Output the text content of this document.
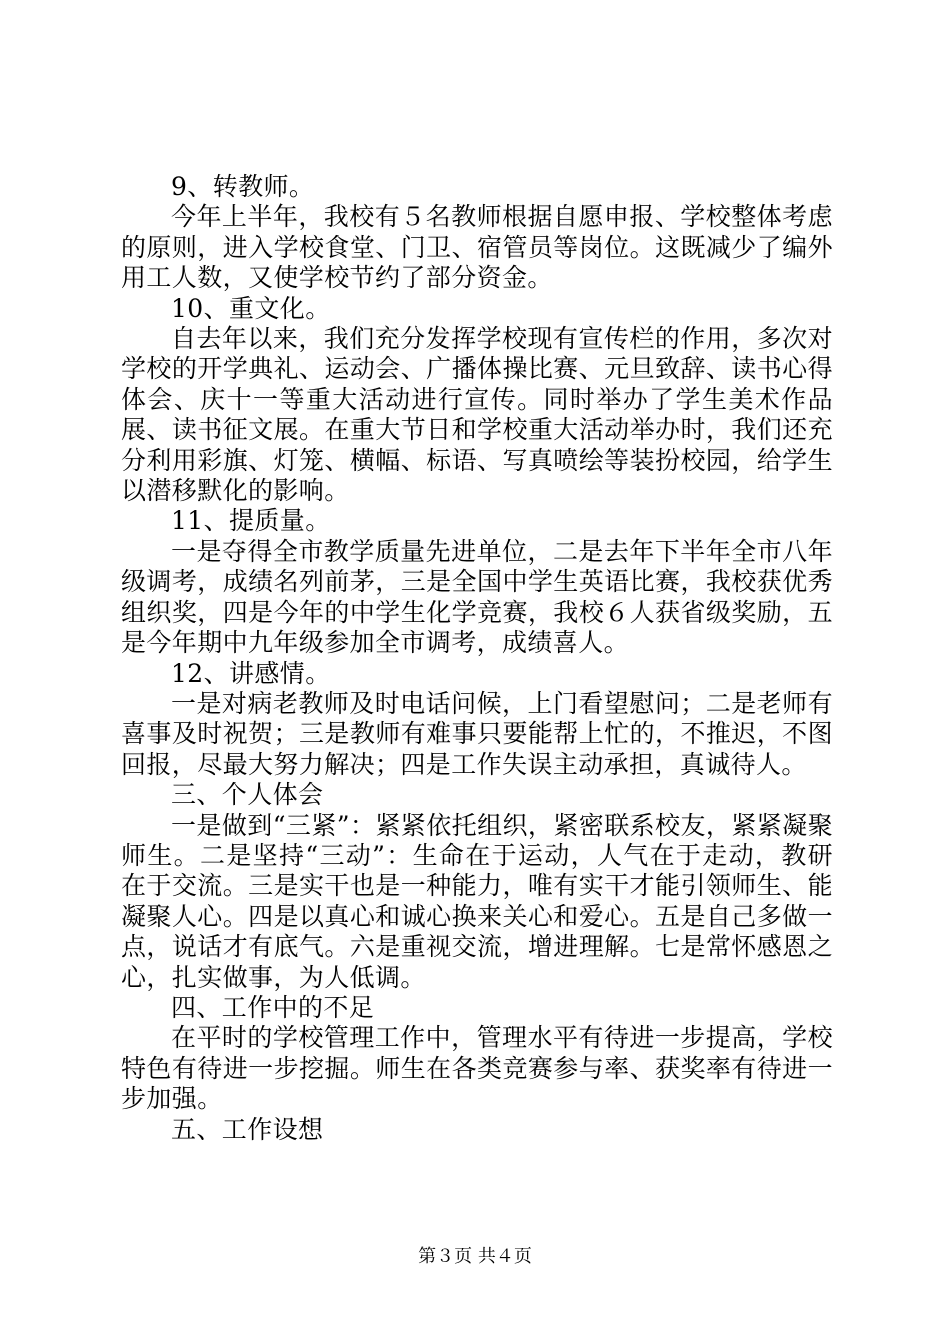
9、转教师。

今年上半年，我校有５名教师根据自愿申报、学校整体考虑的原则，进入学校食堂、门卫、宿管员等岗位。这既减少了编外用工人数，又使学校节约了部分资金。

10、重文化。

自去年以来，我们充分发挥学校现有宣传栏的作用，多次对学校的开学典礼、运动会、广播体操比赛、元旦致辞、读书心得体会、庆十一等重大活动进行宣传。同时举办了学生美术作品展、读书征文展。在重大节日和学校重大活动举办时，我们还充分利用彩旗、灯笼、横幅、标语、写真喷绘等装扮校园，给学生以潜移默化的影响。

11、提质量。

一是夺得全市教学质量先进单位，二是去年下半年全市八年级调考，成绩名列前茅，三是全国中学生英语比赛，我校获优秀组织奖，四是今年的中学生化学竞赛，我校６人获省级奖励，五是今年期中九年级参加全市调考，成绩喜人。

12、讲感情。

一是对病老教师及时电话问候，上门看望慰问；二是老师有喜事及时祝贺；三是教师有难事只要能帮上忙的，不推迟，不图回报，尽最大努力解决；四是工作失误主动承担，真诚待人。

三、个人体会

一是做到“三紧”：紧紧依托组织，紧密联系校友，紧紧凝聚师生。二是坚持“三动”：生命在于运动，人气在于走动，教研在于交流。三是实干也是一种能力，唯有实干才能引领师生、能凝聚人心。四是以真心和诚心换来关心和爱心。五是自己多做一点，说话才有底气。六是重视交流，增进理解。七是常怀感恩之心，扎实做事，为人低调。

四、工作中的不足

在平时的学校管理工作中，管理水平有待进一步提高，学校特色有待进一步挖掘。师生在各类竞赛参与率、获奖率有待进一步加强。

五、工作设想

第３页 共４页
